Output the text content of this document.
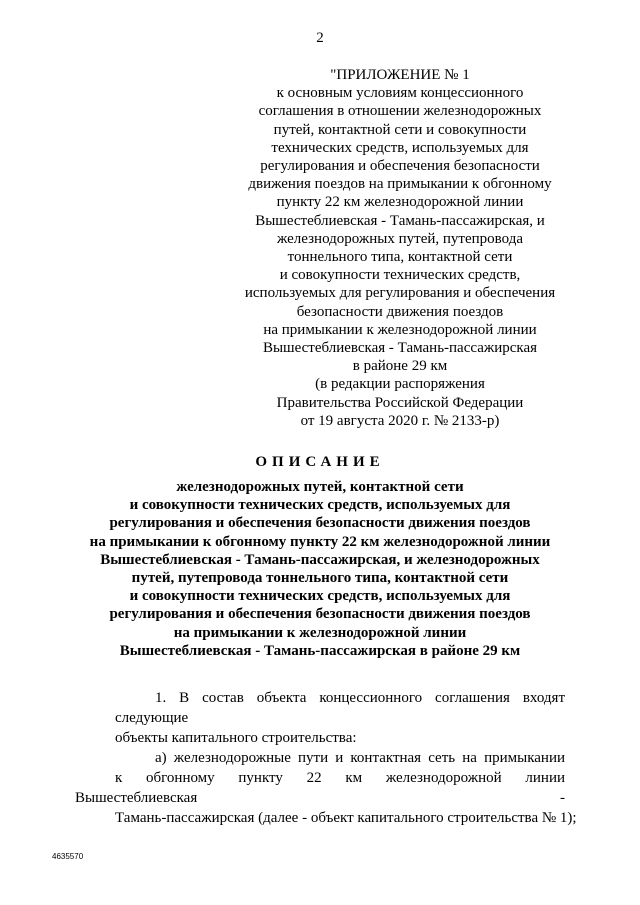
2
"ПРИЛОЖЕНИЕ № 1
к основным условиям концессионного
соглашения в отношении железнодорожных
путей, контактной сети и совокупности
технических средств, используемых для
регулирования и обеспечения безопасности
движения поездов на примыкании к обгонному
пункту 22 км железнодорожной линии
Вышестеблиевская - Тамань-пассажирская, и
железнодорожных путей, путепровода
тоннельного типа, контактной сети
и совокупности технических средств,
используемых для регулирования и обеспечения
безопасности движения поездов
на примыкании к железнодорожной линии
Вышестеблиевская - Тамань-пассажирская
в районе 29 км
(в редакции распоряжения
Правительства Российской Федерации
от 19 августа 2020 г. № 2133-р)
ОПИСАНИЕ
железнодорожных путей, контактной сети
и совокупности технических средств, используемых для
регулирования и обеспечения безопасности движения поездов
на примыкании к обгонному пункту 22 км железнодорожной линии
Вышестеблиевская - Тамань-пассажирская, и железнодорожных
путей, путепровода тоннельного типа, контактной сети
и совокупности технических средств, используемых для
регулирования и обеспечения безопасности движения поездов
на примыкании к железнодорожной линии
Вышестеблиевская - Тамань-пассажирская в районе 29 км
1. В состав объекта концессионного соглашения входят следующие
объекты капитального строительства:
а) железнодорожные пути и контактная сеть на примыкании
к обгонному пункту 22 км железнодорожной линии Вышестеблиевская -
Тамань-пассажирская (далее - объект капитального строительства № 1);
4635570
